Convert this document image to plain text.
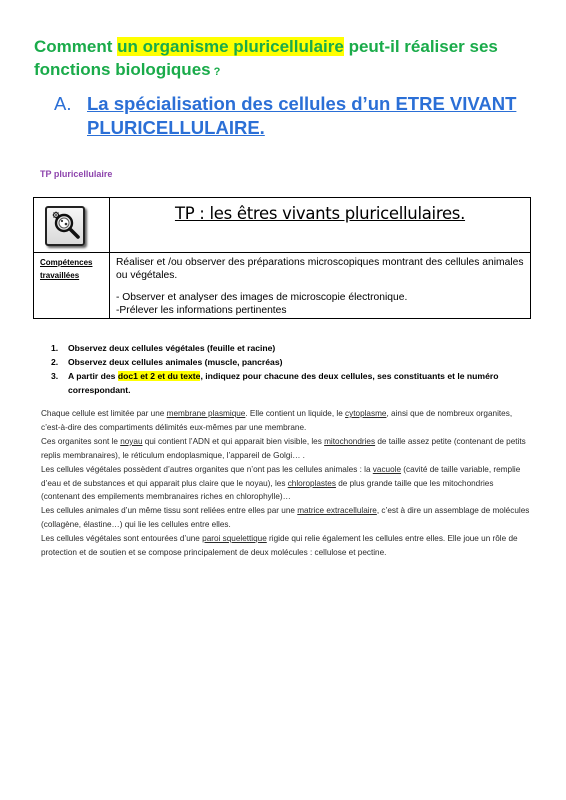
Comment un organisme pluricellulaire peut-il réaliser ses fonctions biologiques ?
A. La spécialisation des cellules d’un ETRE VIVANT PLURICELLULAIRE.
TP pluricellulaire
TP : les êtres vivants pluricellulaires.
Compétences travaillées

Réaliser et /ou observer des préparations microscopiques montrant des cellules animales ou végétales.

- Observer et analyser des images de microscopie électronique.

-Prélever les informations pertinentes

1. Observez deux cellules végétales (feuille et racine)
2. Observez deux cellules animales (muscle, pancréas)
3. A partir des doc1 et 2 et du texte, indiquez pour chacune des deux cellules, ses constituants et le numéro correspondant.

Chaque cellule est limitée par une membrane plasmique. Elle contient un liquide, le cytoplasme, ainsi que de nombreux organites, c’est-à-dire des compartiments délimités eux-mêmes par une membrane.

Ces organites sont le noyau qui contient l’ADN et qui apparait bien visible, les mitochondries de taille assez petite (contenant de petits replis membranaires), le réticulum endoplasmique, l’appareil de Golgi… .

Les cellules végétales possèdent d’autres organites que n’ont pas les cellules animales : la vacuole (cavité de taille variable, remplie d’eau et de substances et qui apparait plus claire que le noyau), les chloroplastes de plus grande taille que les mitochondries (contenant des empilements membranaires riches en chlorophylle)…

Les cellules animales d’un même tissu sont reliées entre elles par une matrice extracellulaire, c’est à dire un assemblage de molécules (collagène, élastine…) qui lie les cellules entre elles.

Les cellules végétales sont entourées d’une paroi squelettique rigide qui relie également les cellules entre elles. Elle joue un rôle de protection et de soutien et se compose principalement de deux molécules : cellulose et pectine.
